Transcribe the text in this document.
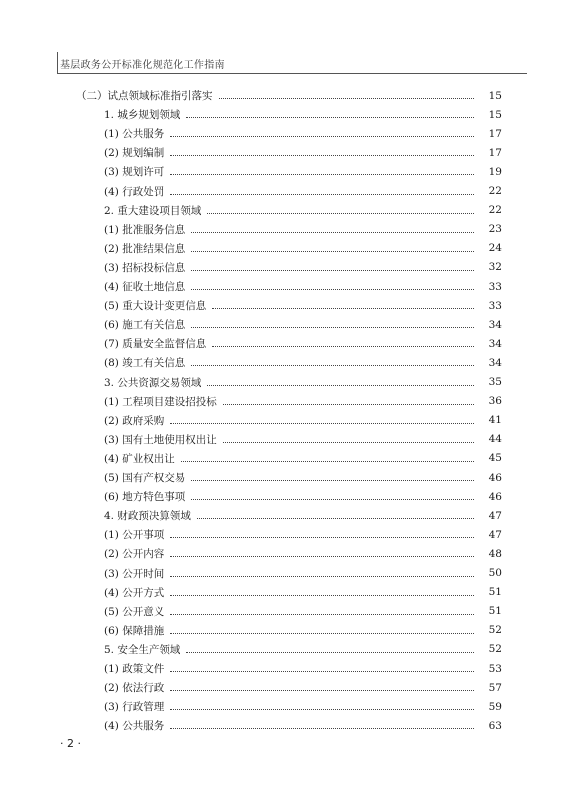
基层政务公开标准化规范化工作指南
（二）试点领域标准指引落实	15
1. 城乡规划领域	15
(1) 公共服务	17
(2) 规划编制	17
(3) 规划许可	19
(4) 行政处罚	22
2. 重大建设项目领域	22
(1) 批准服务信息	23
(2) 批准结果信息	24
(3) 招标投标信息	32
(4) 征收土地信息	33
(5) 重大设计变更信息	33
(6) 施工有关信息	34
(7) 质量安全监督信息	34
(8) 竣工有关信息	34
3. 公共资源交易领域	35
(1) 工程项目建设招投标	36
(2) 政府采购	41
(3) 国有土地使用权出让	44
(4) 矿业权出让	45
(5) 国有产权交易	46
(6) 地方特色事项	46
4. 财政预决算领域	47
(1) 公开事项	47
(2) 公开内容	48
(3) 公开时间	50
(4) 公开方式	51
(5) 公开意义	51
(6) 保障措施	52
5. 安全生产领域	52
(1) 政策文件	53
(2) 依法行政	57
(3) 行政管理	59
(4) 公共服务	63
· 2 ·
